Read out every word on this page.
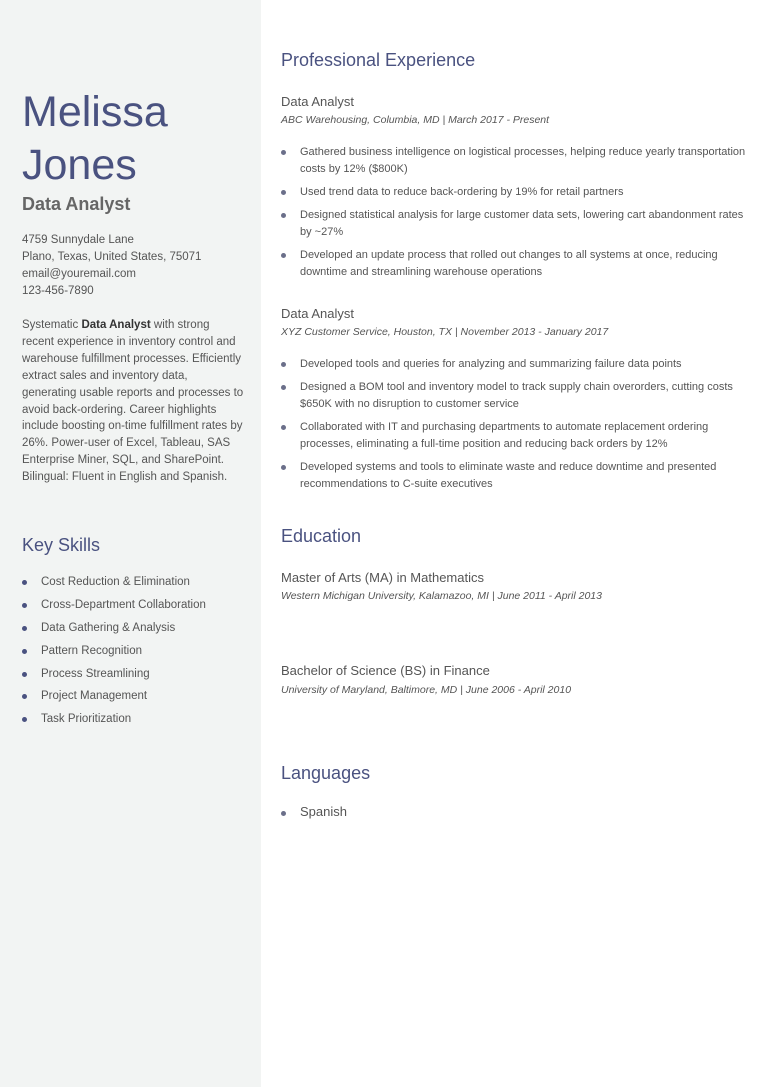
Melissa
Jones
Data Analyst
4759 Sunnydale Lane
Plano, Texas, United States, 75071
email@youremail.com
123-456-7890

Systematic Data Analyst with strong recent experience in inventory control and warehouse fulfillment processes. Efficiently extract sales and inventory data, generating usable reports and processes to avoid back-ordering. Career highlights include boosting on-time fulfillment rates by 26%. Power-user of Excel, Tableau, SAS Enterprise Miner, SQL, and SharePoint. Bilingual: Fluent in English and Spanish.

Key Skills
Cost Reduction & Elimination
Cross-Department Collaboration
Data Gathering & Analysis
Pattern Recognition
Process Streamlining
Project Management
Task Prioritization
Professional Experience
Data Analyst
ABC Warehousing, Columbia, MD | March 2017 - Present
Gathered business intelligence on logistical processes, helping reduce yearly transportation costs by 12% ($800K)
Used trend data to reduce back-ordering by 19% for retail partners
Designed statistical analysis for large customer data sets, lowering cart abandonment rates by ~27%
Developed an update process that rolled out changes to all systems at once, reducing downtime and streamlining warehouse operations
Data Analyst
XYZ Customer Service, Houston, TX | November 2013 - January 2017
Developed tools and queries for analyzing and summarizing failure data points
Designed a BOM tool and inventory model to track supply chain overorders, cutting costs $650K with no disruption to customer service
Collaborated with IT and purchasing departments to automate replacement ordering processes, eliminating a full-time position and reducing back orders by 12%
Developed systems and tools to eliminate waste and reduce downtime and presented recommendations to C-suite executives
Education
Master of Arts (MA) in Mathematics
Western Michigan University, Kalamazoo, MI | June 2011 - April 2013
Bachelor of Science (BS) in Finance
University of Maryland, Baltimore, MD | June 2006 - April 2010
Languages
Spanish
